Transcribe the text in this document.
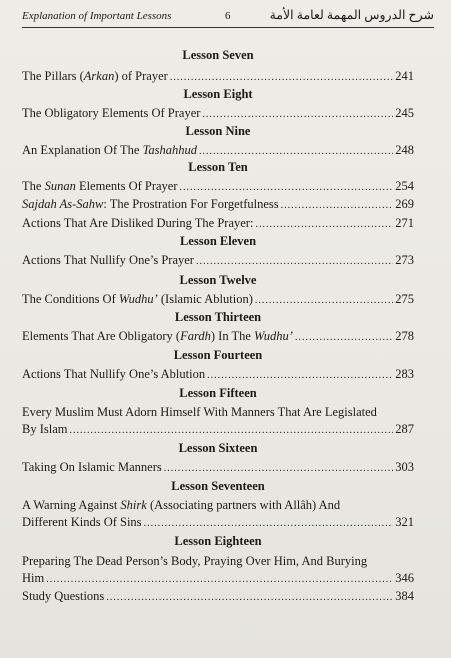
Explanation of Important Lessons	6	شرح الدروس المهمة لعامة الأمة
Lesson Seven
The Pillars (Arkan) of Prayer .....	241
Lesson Eight
The Obligatory Elements Of Prayer .....	245
Lesson Nine
An Explanation Of The Tashahhud .....	248
Lesson Ten
The Sunan Elements Of Prayer .....	254
Sajdah As-Sahw: The Prostration For Forgetfulness .....	269
Actions That Are Disliked During The Prayer: .....	271
Lesson Eleven
Actions That Nullify One’s Prayer .....	273
Lesson Twelve
The Conditions Of Wudhu’ (Islamic Ablution) .....	275
Lesson Thirteen
Elements That Are Obligatory (Fardh) In The Wudhu’ .....	278
Lesson Fourteen
Actions That Nullify One’s Ablution .....	283
Lesson Fifteen
Every Muslim Must Adorn Himself With Manners That Are Legislated
By Islam .....	287
Lesson Sixteen
Taking On Islamic Manners .....	303
Lesson Seventeen
A Warning Against Shirk (Associating partners with Allâh) And
Different Kinds Of Sins .....	321
Lesson Eighteen
Preparing The Dead Person’s Body, Praying Over Him, And Burying
Him .....	346
Study Questions .....	384
